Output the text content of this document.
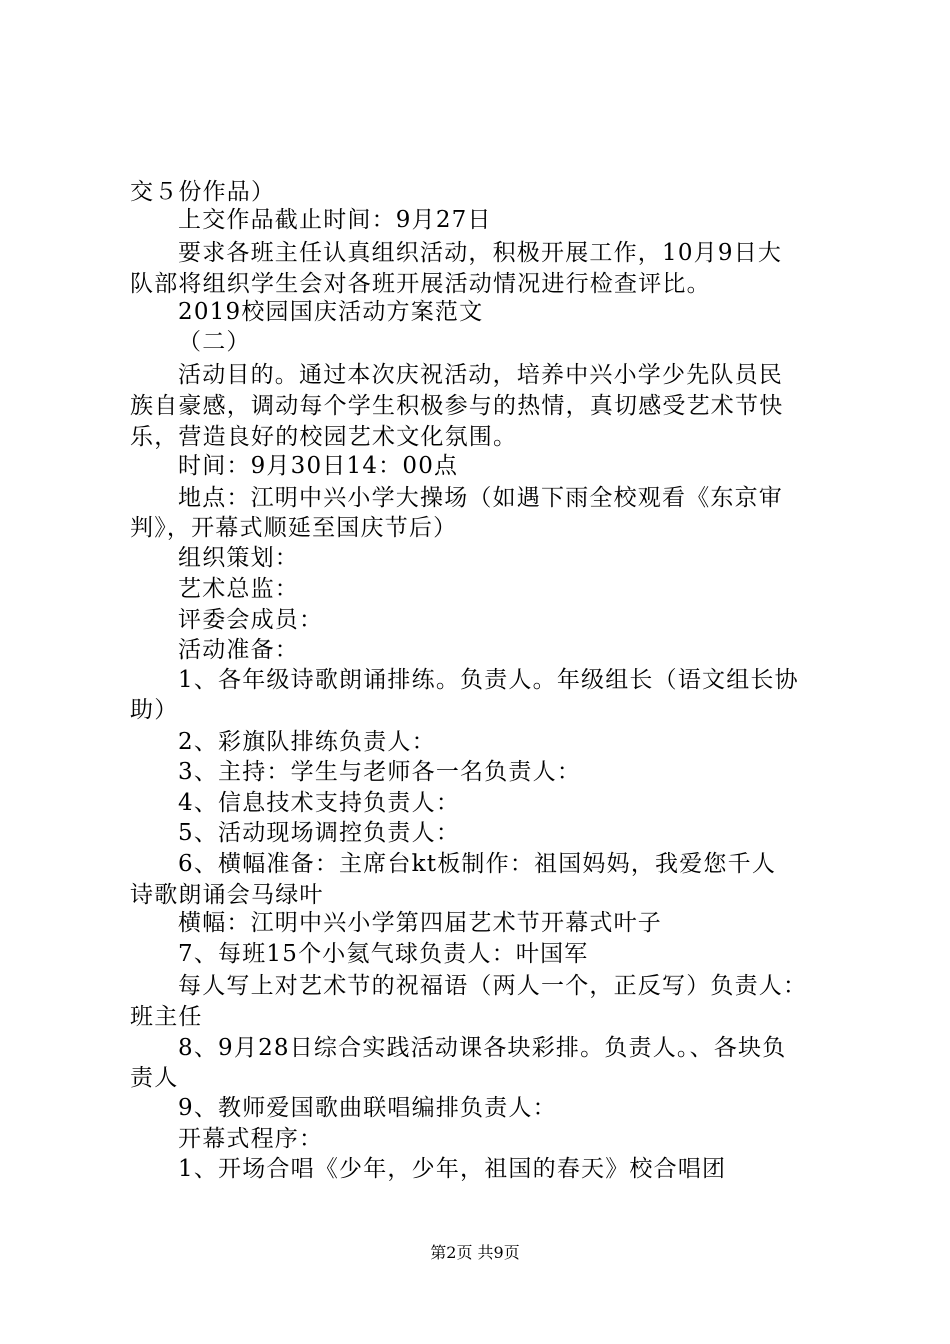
交５份作品）
上交作品截止时间：9月27日
要求各班主任认真组织活动，积极开展工作，10月9日大
队部将组织学生会对各班开展活动情况进行检查评比。
2019校园国庆活动方案范文
（二）
活动目的。通过本次庆祝活动，培养中兴小学少先队员民
族自豪感，调动每个学生积极参与的热情，真切感受艺术节快
乐，营造良好的校园艺术文化氛围。
时间：9月30日14：00点
地点：江明中兴小学大操场（如遇下雨全校观看《东京审
判》，开幕式顺延至国庆节后）
组织策划：
艺术总监：
评委会成员：
活动准备：
1、各年级诗歌朗诵排练。负责人。年级组长（语文组长协
助）
2、彩旗队排练负责人：
3、主持：学生与老师各一名负责人：
4、信息技术支持负责人：
5、活动现场调控负责人：
6、横幅准备：主席台kt板制作：祖国妈妈，我爱您千人
诗歌朗诵会马绿叶
横幅：江明中兴小学第四届艺术节开幕式叶子
7、每班15个小氦气球负责人：叶国军
每人写上对艺术节的祝福语（两人一个，正反写）负责人：
班主任
8、9月28日综合实践活动课各块彩排。负责人。、各块负
责人
9、教师爱国歌曲联唱编排负责人：
开幕式程序：
1、开场合唱《少年，少年，祖国的春天》校合唱团
第2页 共9页
